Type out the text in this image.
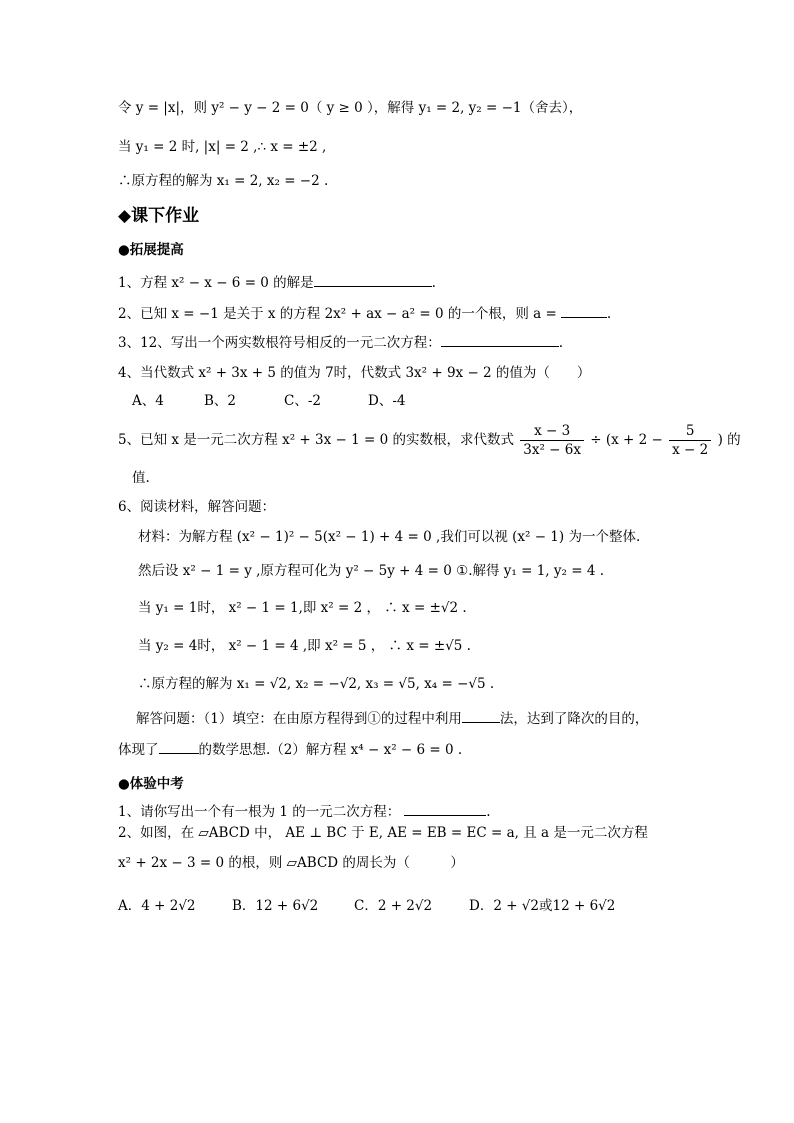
令 y = |x|，则 y² − y − 2 = 0（ y ≥ 0 ），解得 y₁ = 2, y₂ = −1（舍去），
当 y₁ = 2 时, |x| = 2 ,∴ x = ±2 ,
∴原方程的解为 x₁ = 2, x₂ = −2 .
◆课下作业
●拓展提高
1、方程 x² − x − 6 = 0 的解是	.
2、已知 x = −1 是关于 x 的方程 2x² + ax − a² = 0 的一个根，则 a =	.
3、12、写出一个两实数根符号相反的一元二次方程：	.
4、当代数式 x² + 3x + 5 的值为 7时，代数式 3x² + 9x − 2 的值为（　　）
A、4	B、2	C、-2	D、-4
5、已知 x 是一元二次方程 x² + 3x − 1 = 0 的实数根，求代数式 $\frac{x - 3}{\text{3x² − 6x}} \div (x + 2 - \frac{5}{x - 2}$ ) 的
值.
6、阅读材料，解答问题：
材料：为解方程 (x² − 1)² − 5(x² − 1) + 4 = 0 ,我们可以视 (x² − 1) 为一个整体.
然后设 x² − 1 = y ,原方程可化为 y² − 5y + 4 = 0 ①.解得 y₁ = 1, y₂ = 4 .
当 y₁ = 1时， x² − 1 = 1,即 x² = 2 ， ∴ x = ±√2 .
当 y₂ = 4时， x² − 1 = 4 ,即 x² = 5 ， ∴ x = ±√5 .
∴原方程的解为 x₁ = √2, x₂ = −√2, x₃ = √5, x₄ = −√5 .
解答问题：（1）填空：在由原方程得到①的过程中利用	法，达到了降次的目的，
体现了	的数学思想.（2）解方程 x⁴ − x² − 6 = 0 .
●体验中考
1、请你写出一个有一根为 1 的一元二次方程：	.
2、如图，在 ▱ABCD 中， AE ⊥ BC 于 E, AE = EB = EC = a, 且 a 是一元二次方程
x² + 2x − 3 = 0 的根，则 ▱ABCD 的周长为（　　　）
A．4 + 2√2	B．12 + 6√2	C．2 + 2√2	D．2 + √2或12 + 6√2
